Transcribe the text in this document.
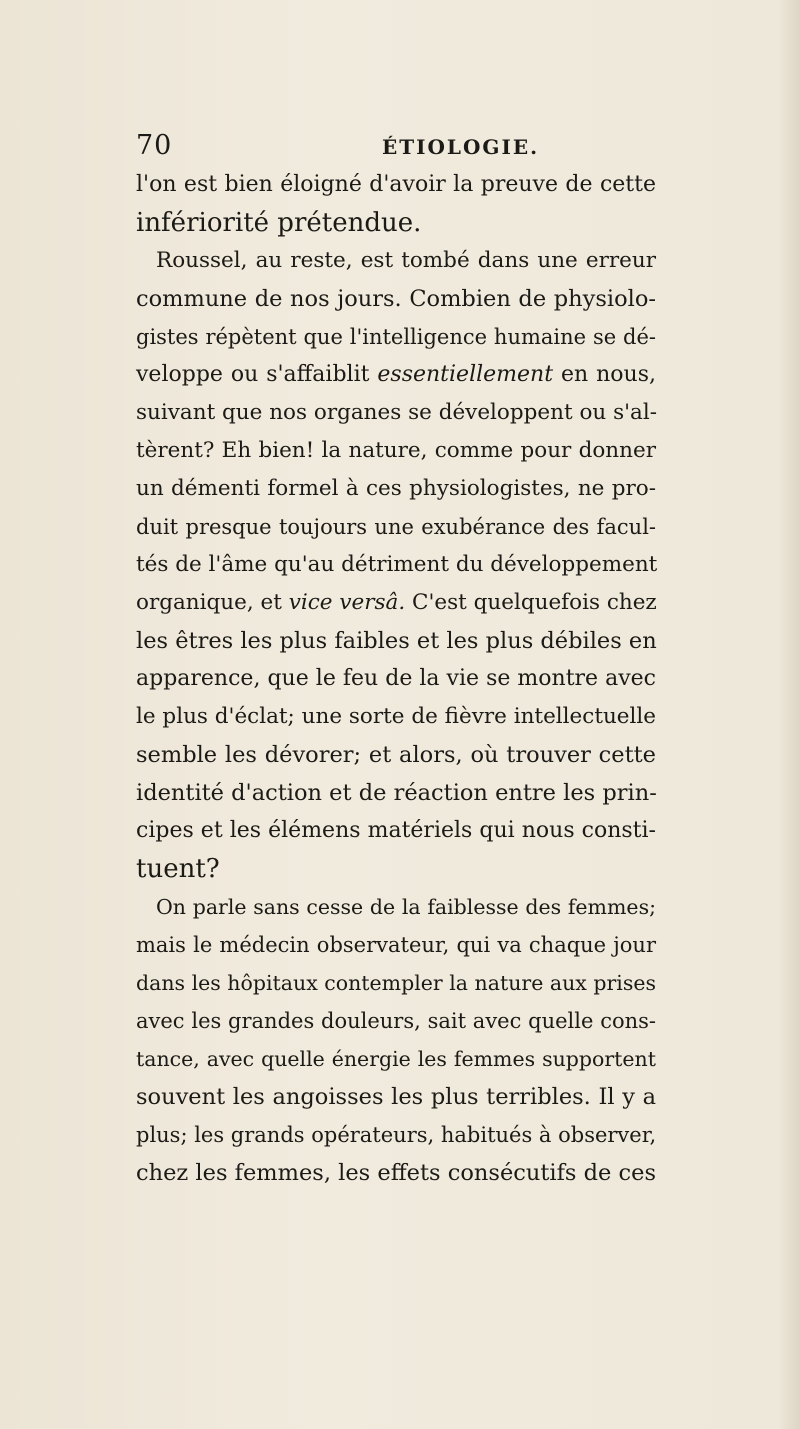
70	ÉTIOLOGIE.
l'on est bien éloigné d'avoir la preuve de cette
infériorité prétendue.
Roussel, au reste, est tombé dans une erreur
commune de nos jours. Combien de physiolo-
gistes répètent que l'intelligence humaine se dé-
veloppe ou s'affaiblit essentiellement en nous,
suivant que nos organes se développent ou s'al-
tèrent? Eh bien! la nature, comme pour donner
un démenti formel à ces physiologistes, ne pro-
duit presque toujours une exubérance des facul-
tés de l'âme qu'au détriment du développement
organique, et vice versâ. C'est quelquefois chez
les êtres les plus faibles et les plus débiles en
apparence, que le feu de la vie se montre avec
le plus d'éclat; une sorte de fièvre intellectuelle
semble les dévorer; et alors, où trouver cette
identité d'action et de réaction entre les prin-
cipes et les élémens matériels qui nous consti-
tuent?
On parle sans cesse de la faiblesse des femmes;
mais le médecin observateur, qui va chaque jour
dans les hôpitaux contempler la nature aux prises
avec les grandes douleurs, sait avec quelle cons-
tance, avec quelle énergie les femmes supportent
souvent les angoisses les plus terribles. Il y a
plus; les grands opérateurs, habitués à observer,
chez les femmes, les effets consécutifs de ces
